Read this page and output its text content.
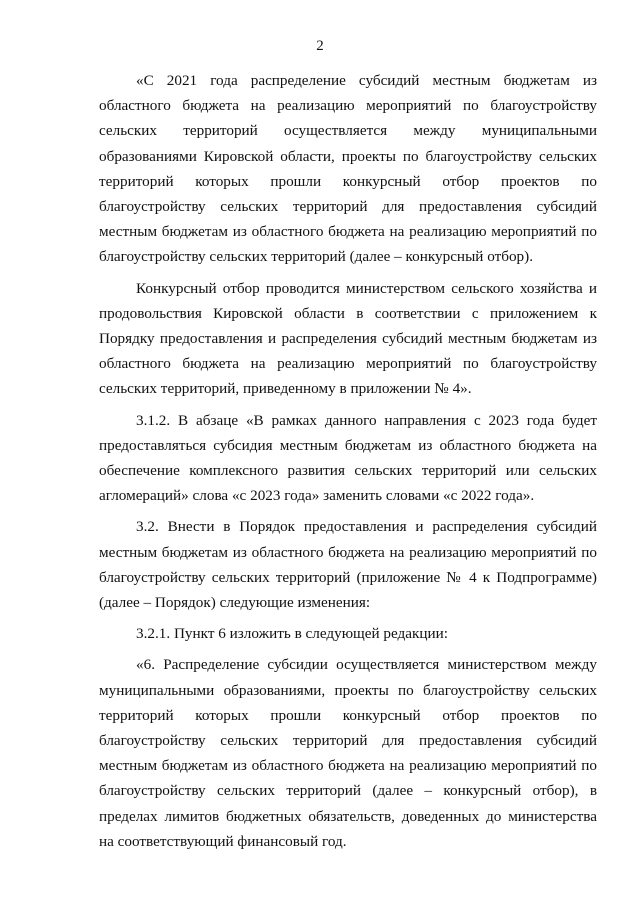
2

«С 2021 года распределение субсидий местным бюджетам из областного бюджета на реализацию мероприятий по благоустройству сельских территорий осуществляется между муниципальными образованиями Кировской области, проекты по благоустройству сельских территорий которых прошли конкурсный отбор проектов по благоустройству сельских территорий для предоставления субсидий местным бюджетам из областного бюджета на реализацию мероприятий по благоустройству сельских территорий (далее – конкурсный отбор).

Конкурсный отбор проводится министерством сельского хозяйства и продовольствия Кировской области в соответствии с приложением к Порядку предоставления и распределения субсидий местным бюджетам из областного бюджета на реализацию мероприятий по благоустройству сельских территорий, приведенному в приложении № 4».

3.1.2. В абзаце «В рамках данного направления с 2023 года будет предоставляться субсидия местным бюджетам из областного бюджета на обеспечение комплексного развития сельских территорий или сельских агломераций» слова «с 2023 года» заменить словами «с 2022 года».

3.2. Внести в Порядок предоставления и распределения субсидий местным бюджетам из областного бюджета на реализацию мероприятий по благоустройству сельских территорий (приложение № 4 к Подпрограмме) (далее – Порядок) следующие изменения:

3.2.1. Пункт 6 изложить в следующей редакции:

«6. Распределение субсидии осуществляется министерством между муниципальными образованиями, проекты по благоустройству сельских территорий которых прошли конкурсный отбор проектов по благоустройству сельских территорий для предоставления субсидий местным бюджетам из областного бюджета на реализацию мероприятий по благоустройству сельских территорий (далее – конкурсный отбор), в пределах лимитов бюджетных обязательств, доведенных до министерства на соответствующий финансовый год.
